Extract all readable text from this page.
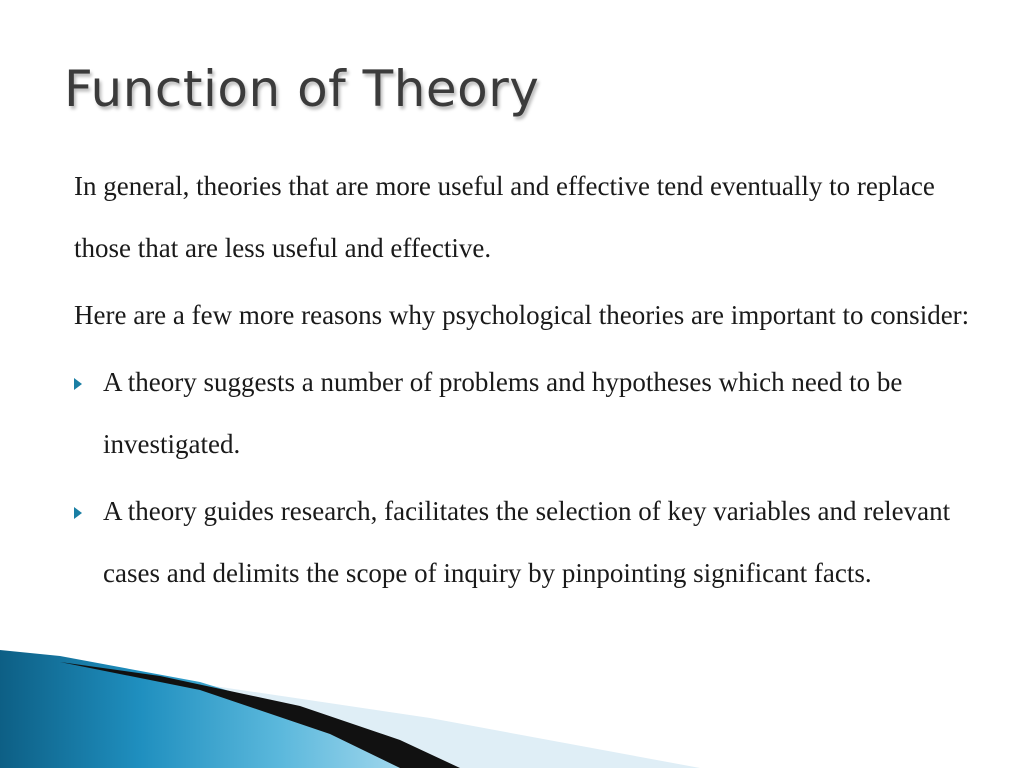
Function of Theory

In general, theories that are more useful and effective tend eventually to replace those that are less useful and effective.

Here are a few more reasons why psychological theories are important to consider:

A theory suggests a number of problems and hypotheses which need to be investigated.
A theory guides research, facilitates the selection of key variables and relevant cases and delimits the scope of inquiry by pinpointing significant facts.
